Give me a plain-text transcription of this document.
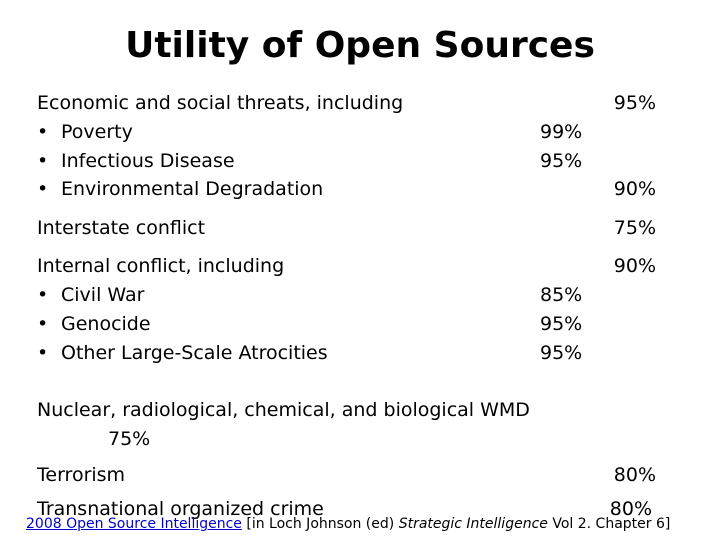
Utility of Open Sources
Economic and social threats, including	95%
• Poverty	99%
• Infectious Disease	95%
• Environmental Degradation	90%
Interstate conflict	75%
Internal conflict, including	90%
• Civil War	85%
• Genocide	95%
• Other Large-Scale Atrocities	95%
Nuclear, radiological, chemical, and biological WMD
75%
Terrorism	80%
Transnational organized crime	80%
2008 Open Source Intelligence [in Loch Johnson (ed) Strategic Intelligence Vol 2. Chapter 6]
